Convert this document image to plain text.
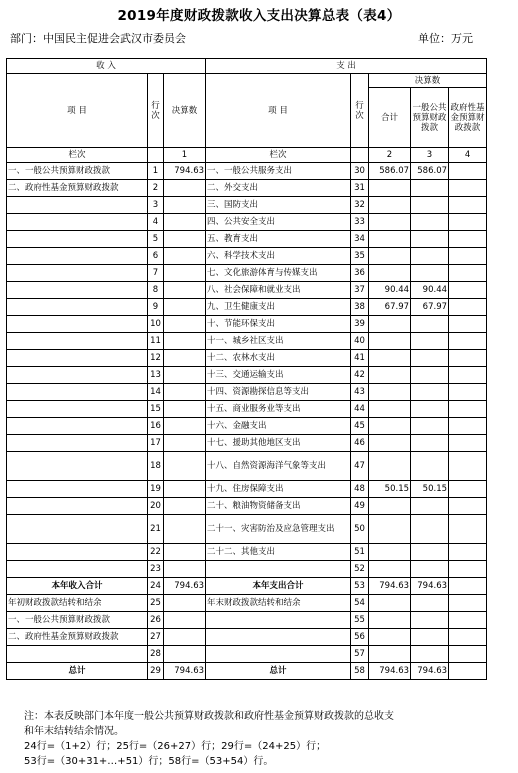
2019年度财政拨款收入支出决算总表（表4）
部门：中国民主促进会武汉市委员会	单位：万元
收 入			支 出				
项 目	行次	决算数	项 目	行次	决算数		
					合计	一般公共预算财政拨款	政府性基金预算财政拨款
栏次		1	栏次		2	3	4
一、一般公共预算财政拨款	1	794.63	一、一般公共服务支出	30	586.07	586.07	
二、政府性基金预算财政拨款	2		二、外交支出	31			
	3		三、国防支出	32			
	4		四、公共安全支出	33			
	5		五、教育支出	34			
	6		六、科学技术支出	35			
	7		七、文化旅游体育与传媒支出	36			
	8		八、社会保障和就业支出	37	90.44	90.44	
	9		九、卫生健康支出	38	67.97	67.97	
	10		十、节能环保支出	39			
	11		十一、城乡社区支出	40			
	12		十二、农林水支出	41			
	13		十三、交通运输支出	42			
	14		十四、资源勘探信息等支出	43			
	15		十五、商业服务业等支出	44			
	16		十六、金融支出	45			
	17		十七、援助其他地区支出	46			
	18		十八、自然资源海洋气象等支出	47			
	19		十九、住房保障支出	48	50.15	50.15	
	20		二十、粮油物资储备支出	49			
	21		二十一、灾害防治及应急管理支出	50			
	22		二十二、其他支出	51			
	23			52			
本年收入合计	24	794.63	本年支出合计	53	794.63	794.63	
年初财政拨款结转和结余	25		年末财政拨款结转和结余	54			
一、一般公共预算财政拨款	26			55			
二、政府性基金预算财政拨款	27			56			
	28			57			
总计	29	794.63	总计	58	794.63	794.63	
注：本表反映部门本年度一般公共预算财政拨款和政府性基金预算财政拨款的总收支
和年末结转结余情况。
24行=（1+2）行；25行=（26+27）行；29行=（24+25）行；
53行=（30+31+…+51）行；58行=（53+54）行。
